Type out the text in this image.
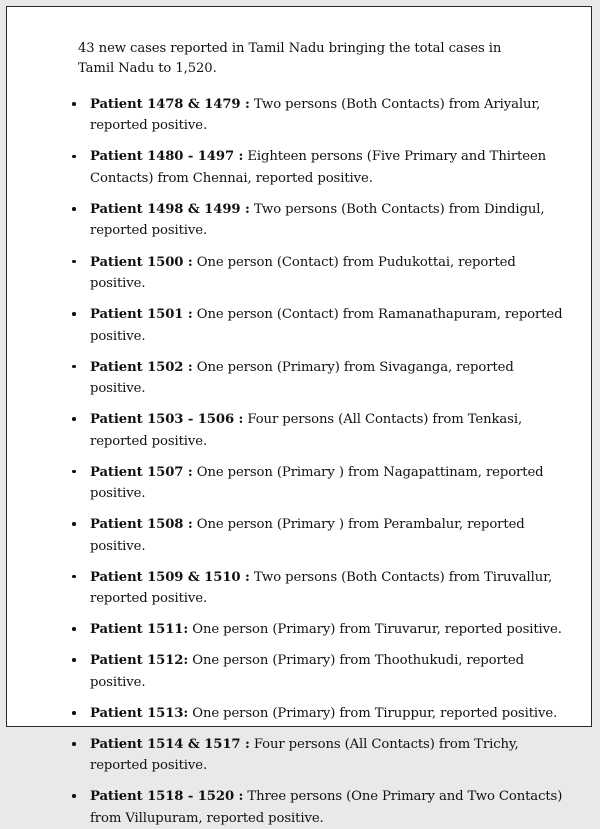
43 new cases reported in Tamil Nadu bringing the total cases in Tamil Nadu to 1,520.

Patient 1478 & 1479 : Two persons (Both Contacts) from Ariyalur, reported positive.
Patient 1480 - 1497 : Eighteen persons (Five Primary and Thirteen Contacts) from Chennai, reported positive.
Patient 1498 & 1499 : Two persons (Both Contacts) from Dindigul, reported positive.
Patient 1500 : One person (Contact) from Pudukottai, reported positive.
Patient 1501 : One person (Contact) from Ramanathapuram, reported positive.
Patient 1502 : One person (Primary) from Sivaganga, reported positive.
Patient 1503 - 1506 : Four persons (All Contacts) from Tenkasi, reported positive.
Patient 1507 : One person (Primary ) from Nagapattinam, reported positive.
Patient 1508 : One person (Primary ) from Perambalur, reported positive.
Patient 1509 & 1510 : Two persons (Both Contacts) from Tiruvallur, reported positive.
Patient 1511: One person (Primary) from Tiruvarur, reported positive.
Patient 1512: One person (Primary) from Thoothukudi, reported positive.
Patient 1513: One person (Primary) from Tiruppur, reported positive.
Patient 1514 & 1517 : Four persons (All Contacts) from Trichy, reported positive.
Patient 1518 - 1520 : Three persons (One Primary and Two Contacts) from Villupuram, reported positive.
